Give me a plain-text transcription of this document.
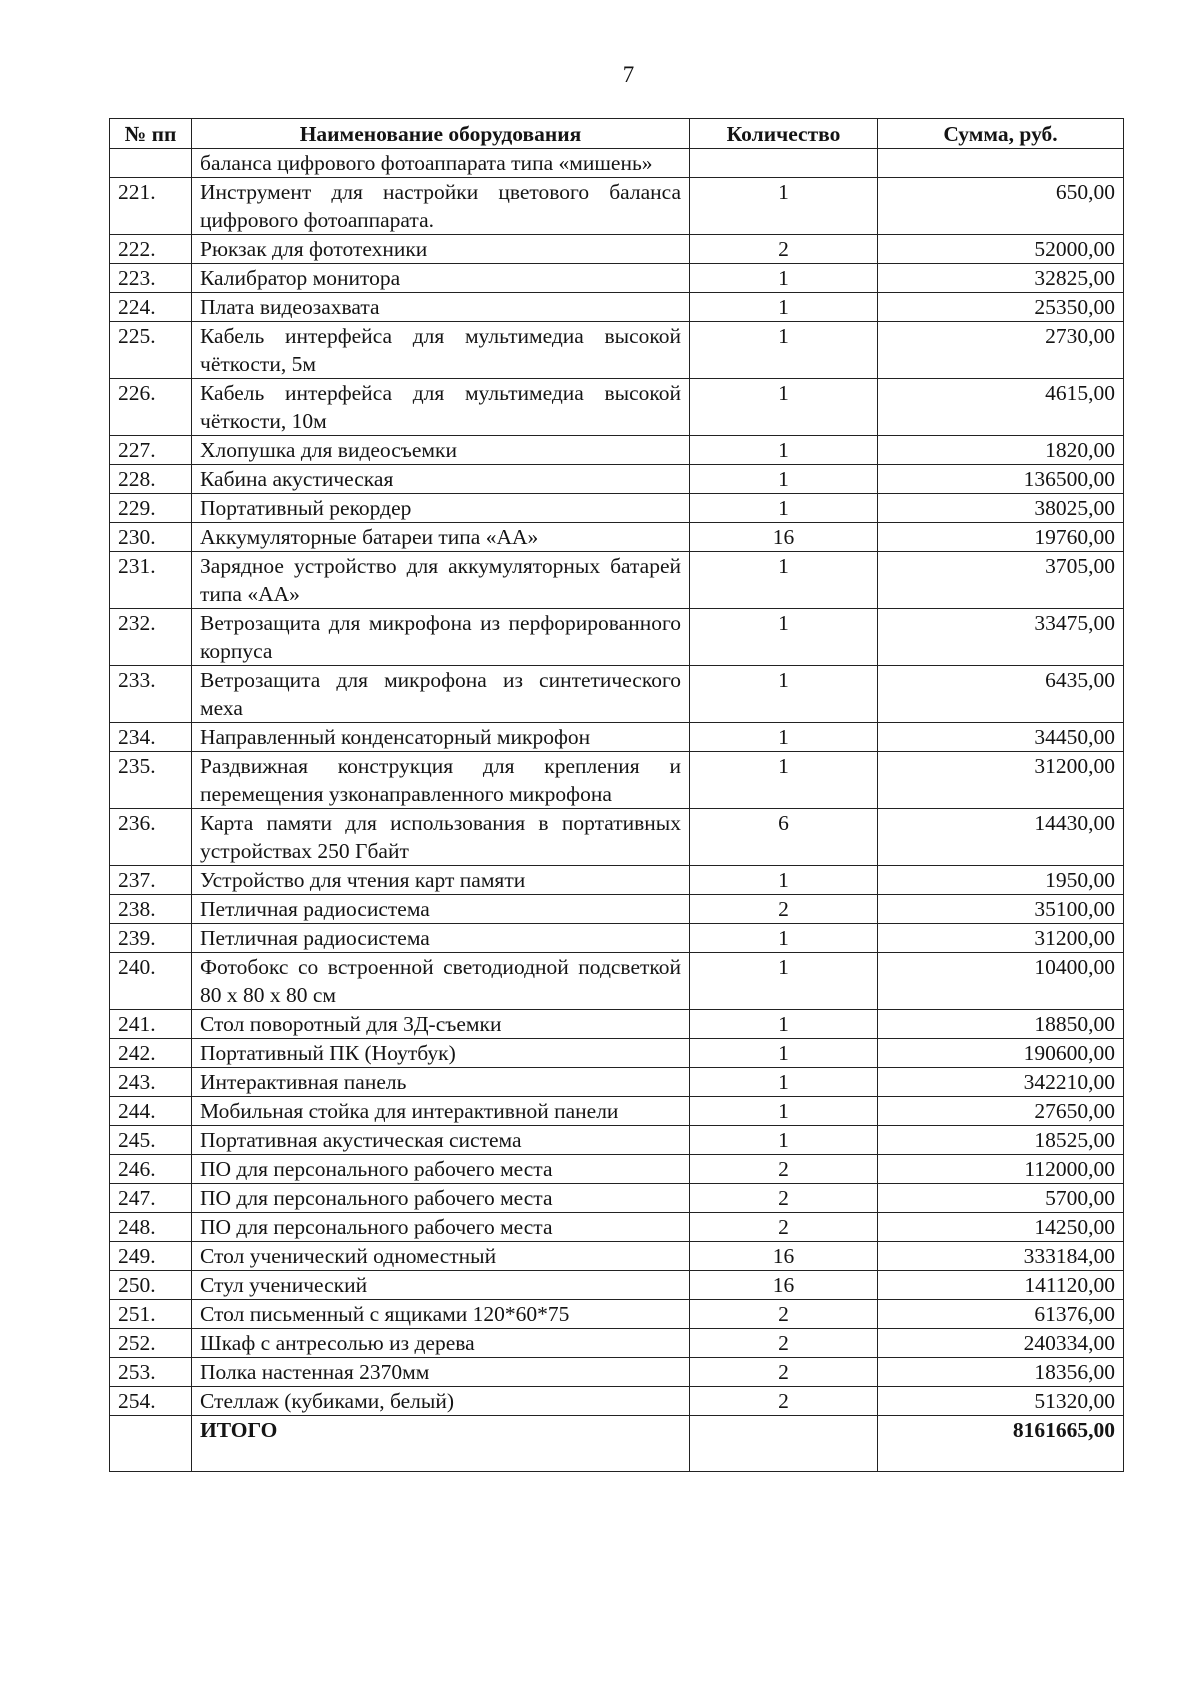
7
№ пп	Наименование оборудования	Количество	Сумма, руб.
	баланса цифрового фотоаппарата типа «мишень»		
221.	Инструмент для настройки цветового баланса цифрового фотоаппарата.	1	650,00
222.	Рюкзак для фототехники	2	52000,00
223.	Калибратор монитора	1	32825,00
224.	Плата видеозахвата	1	25350,00
225.	Кабель интерфейса для мультимедиа высокой чёткости, 5м	1	2730,00
226.	Кабель интерфейса для мультимедиа высокой чёткости, 10м	1	4615,00
227.	Хлопушка для видеосъемки	1	1820,00
228.	Кабина акустическая	1	136500,00
229.	Портативный рекордер	1	38025,00
230.	Аккумуляторные батареи типа «АА»	16	19760,00
231.	Зарядное устройство для аккумуляторных батарей типа «АА»	1	3705,00
232.	Ветрозащита для микрофона из перфорированного корпуса	1	33475,00
233.	Ветрозащита для микрофона из синтетического меха	1	6435,00
234.	Направленный конденсаторный микрофон	1	34450,00
235.	Раздвижная конструкция для крепления и перемещения узконаправленного микрофона	1	31200,00
236.	Карта памяти для использования в портативных устройствах 250 Гбайт	6	14430,00
237.	Устройство для чтения карт памяти	1	1950,00
238.	Петличная радиосистема	2	35100,00
239.	Петличная радиосистема	1	31200,00
240.	Фотобокс со встроенной светодиодной подсветкой 80 х 80 х 80 см	1	10400,00
241.	Стол поворотный для 3Д-съемки	1	18850,00
242.	Портативный ПК (Ноутбук)	1	190600,00
243.	Интерактивная панель	1	342210,00
244.	Мобильная стойка для интерактивной панели	1	27650,00
245.	Портативная акустическая система	1	18525,00
246.	ПО для персонального рабочего места	2	112000,00
247.	ПО для персонального рабочего места	2	5700,00
248.	ПО для персонального рабочего места	2	14250,00
249.	Стол ученический одноместный	16	333184,00
250.	Стул ученический	16	141120,00
251.	Стол письменный с ящиками 120*60*75	2	61376,00
252.	Шкаф с антресолью из дерева	2	240334,00
253.	Полка настенная 2370мм	2	18356,00
254.	Стеллаж (кубиками, белый)	2	51320,00
	ИТОГО		8161665,00
